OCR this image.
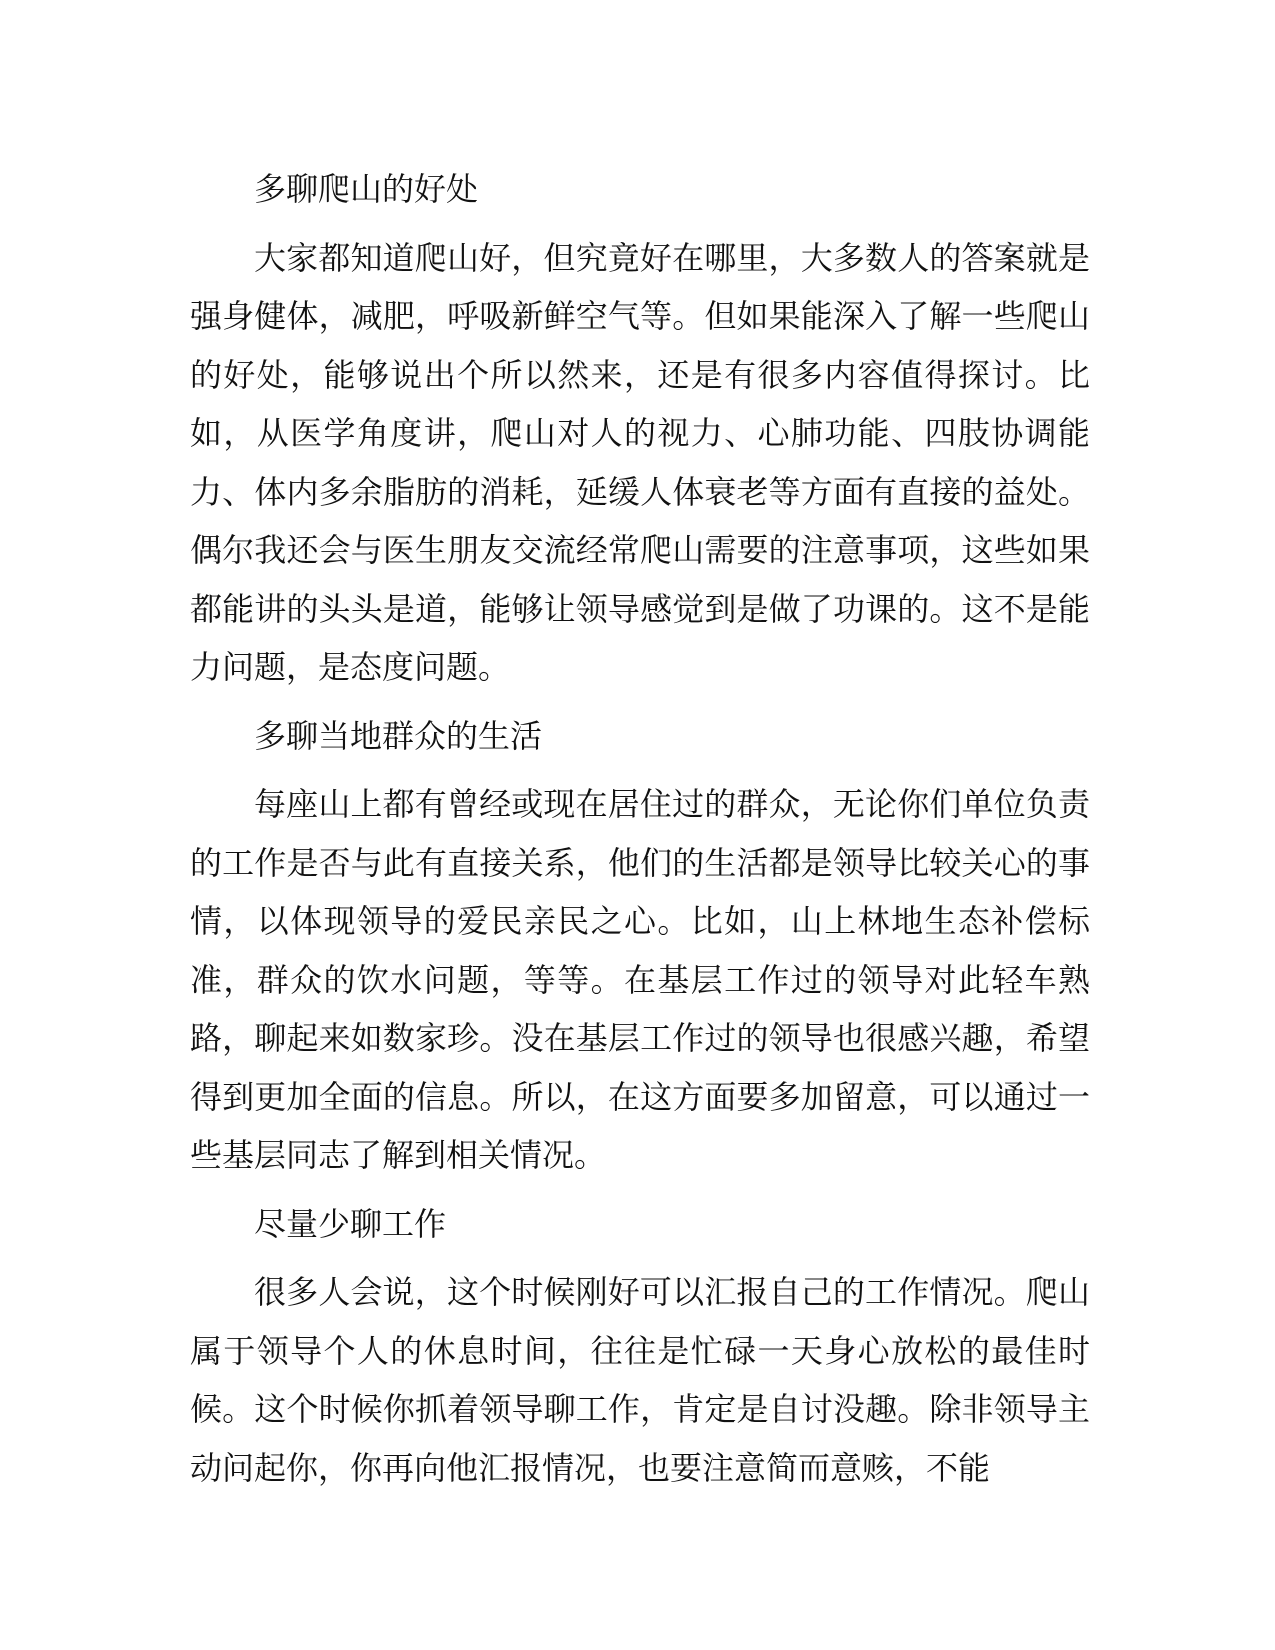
多聊爬山的好处

大家都知道爬山好，但究竟好在哪里，大多数人的答案就是强身健体，减肥，呼吸新鲜空气等。但如果能深入了解一些爬山的好处，能够说出个所以然来，还是有很多内容值得探讨。比如，从医学角度讲，爬山对人的视力、心肺功能、四肢协调能力、体内多余脂肪的消耗，延缓人体衰老等方面有直接的益处。偶尔我还会与医生朋友交流经常爬山需要的注意事项，这些如果都能讲的头头是道，能够让领导感觉到是做了功课的。这不是能力问题，是态度问题。

多聊当地群众的生活

每座山上都有曾经或现在居住过的群众，无论你们单位负责的工作是否与此有直接关系，他们的生活都是领导比较关心的事情，以体现领导的爱民亲民之心。比如，山上林地生态补偿标准，群众的饮水问题，等等。在基层工作过的领导对此轻车熟路，聊起来如数家珍。没在基层工作过的领导也很感兴趣，希望得到更加全面的信息。所以，在这方面要多加留意，可以通过一些基层同志了解到相关情况。

尽量少聊工作

很多人会说，这个时候刚好可以汇报自己的工作情况。爬山属于领导个人的休息时间，往往是忙碌一天身心放松的最佳时候。这个时候你抓着领导聊工作，肯定是自讨没趣。除非领导主动问起你，你再向他汇报情况，也要注意简而意赅，不能
